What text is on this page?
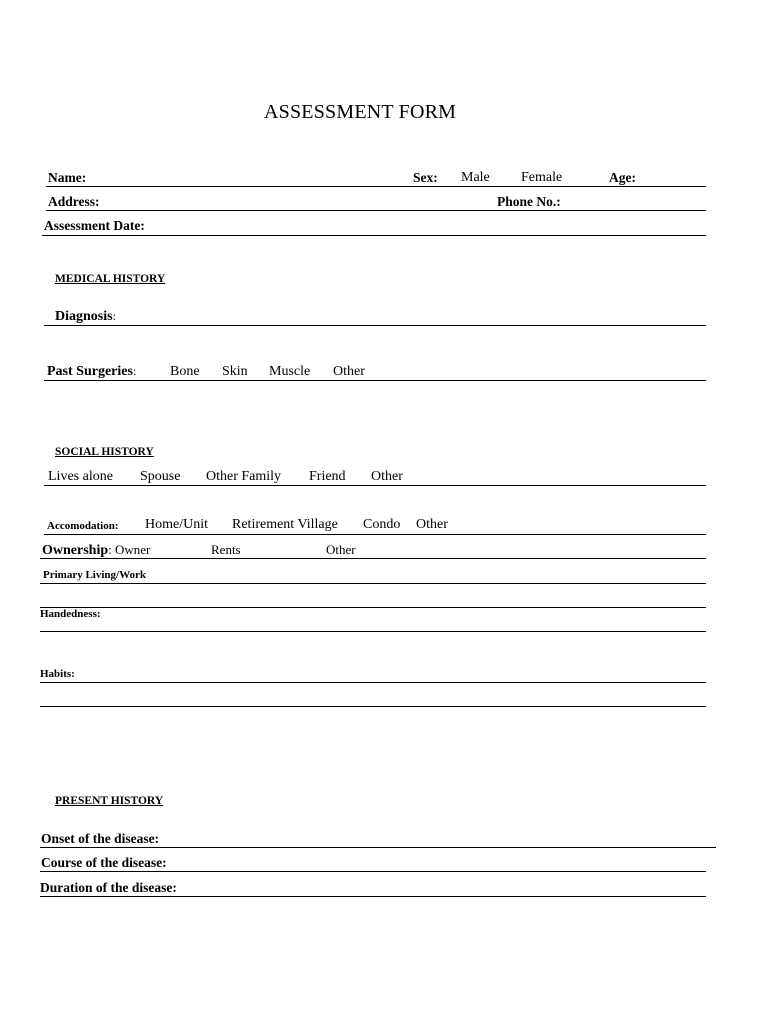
ASSESSMENT FORM
Name:	Sex: Male Female	Age:
Address:	Phone No.:
Assessment Date:
MEDICAL HISTORY
Diagnosis:
Past Surgeries: Bone Skin Muscle Other
SOCIAL HISTORY
Lives alone Spouse Other Family Friend Other
Accomodation: Home/Unit Retirement Village Condo Other
Ownership: Owner	Rents	Other
Primary Living/Work
Handedness:
Habits:
PRESENT HISTORY
Onset of the disease:
Course of the disease:
Duration of the disease:
